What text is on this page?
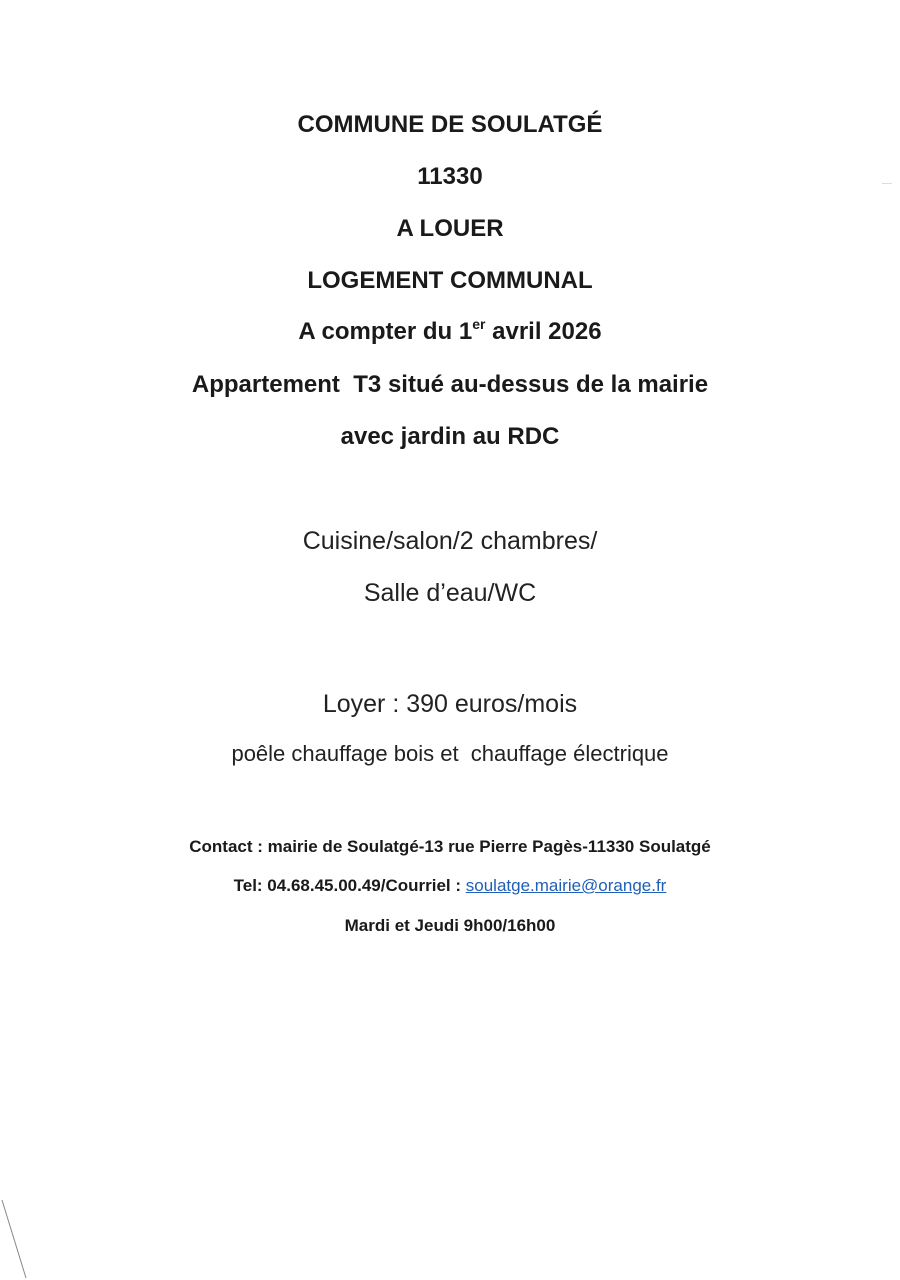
COMMUNE DE SOULATGÉ
11330
A LOUER
LOGEMENT COMMUNAL
A compter du 1er avril 2026
Appartement  T3 situé au-dessus de la mairie
avec jardin au RDC
Cuisine/salon/2 chambres/
Salle d’eau/WC
Loyer : 390 euros/mois
poêle chauffage bois et  chauffage électrique
Contact : mairie de Soulatgé-13 rue Pierre Pagès-11330 Soulatgé
Tel: 04.68.45.00.49/Courriel : soulatge.mairie@orange.fr
Mardi et Jeudi 9h00/16h00
